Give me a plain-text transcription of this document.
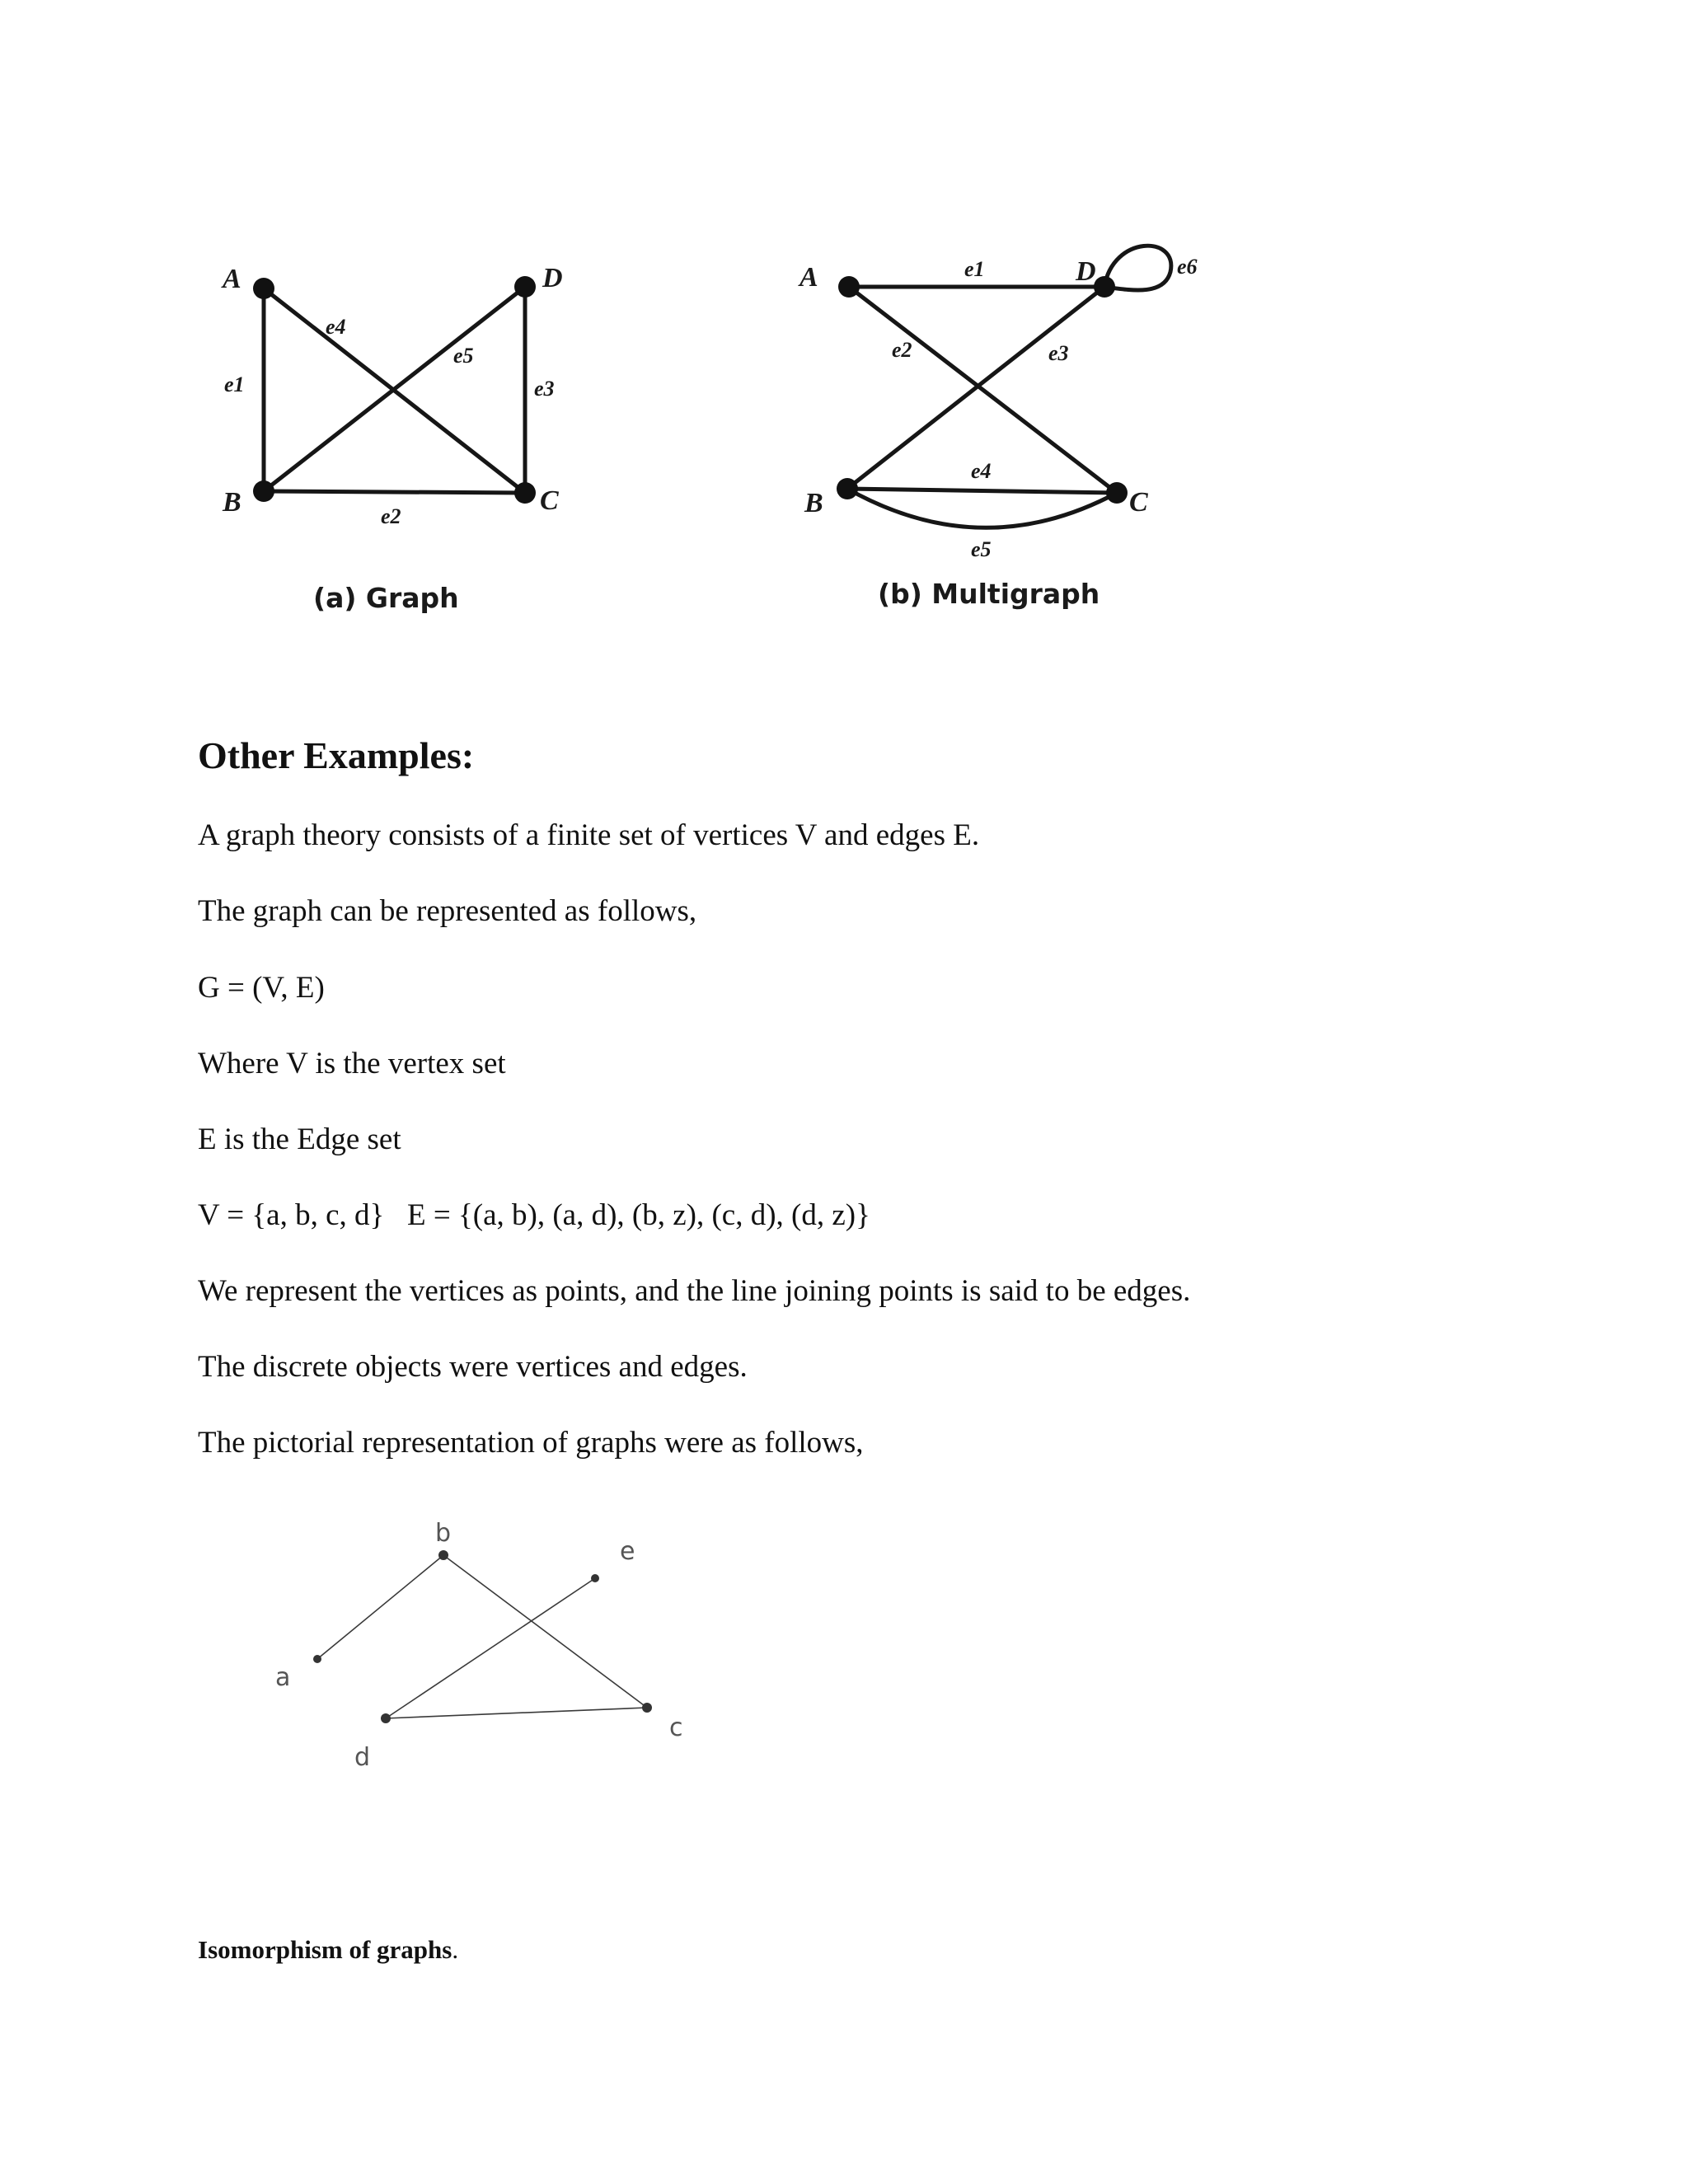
A
B	C
D
e1
e2
e3
e4
e5
(a) Graph
A
B	C
D
e1
e2	e3
e4
e5
e6
(b) Multigraph
Other Examples:
A graph theory consists of a finite set of vertices V and edges E.
The graph can be represented as follows,
G = (V, E)
Where V is the vertex set
E is the Edge set
V = {a, b, c, d}   E = {(a, b), (a, d), (b, z), (c, d), (d, z)}
We represent the vertices as points, and the line joining points is said to be edges.
The discrete objects were vertices and edges.
The pictorial representation of graphs were as follows,
a
b
c
d
e
Isomorphism of graphs.
